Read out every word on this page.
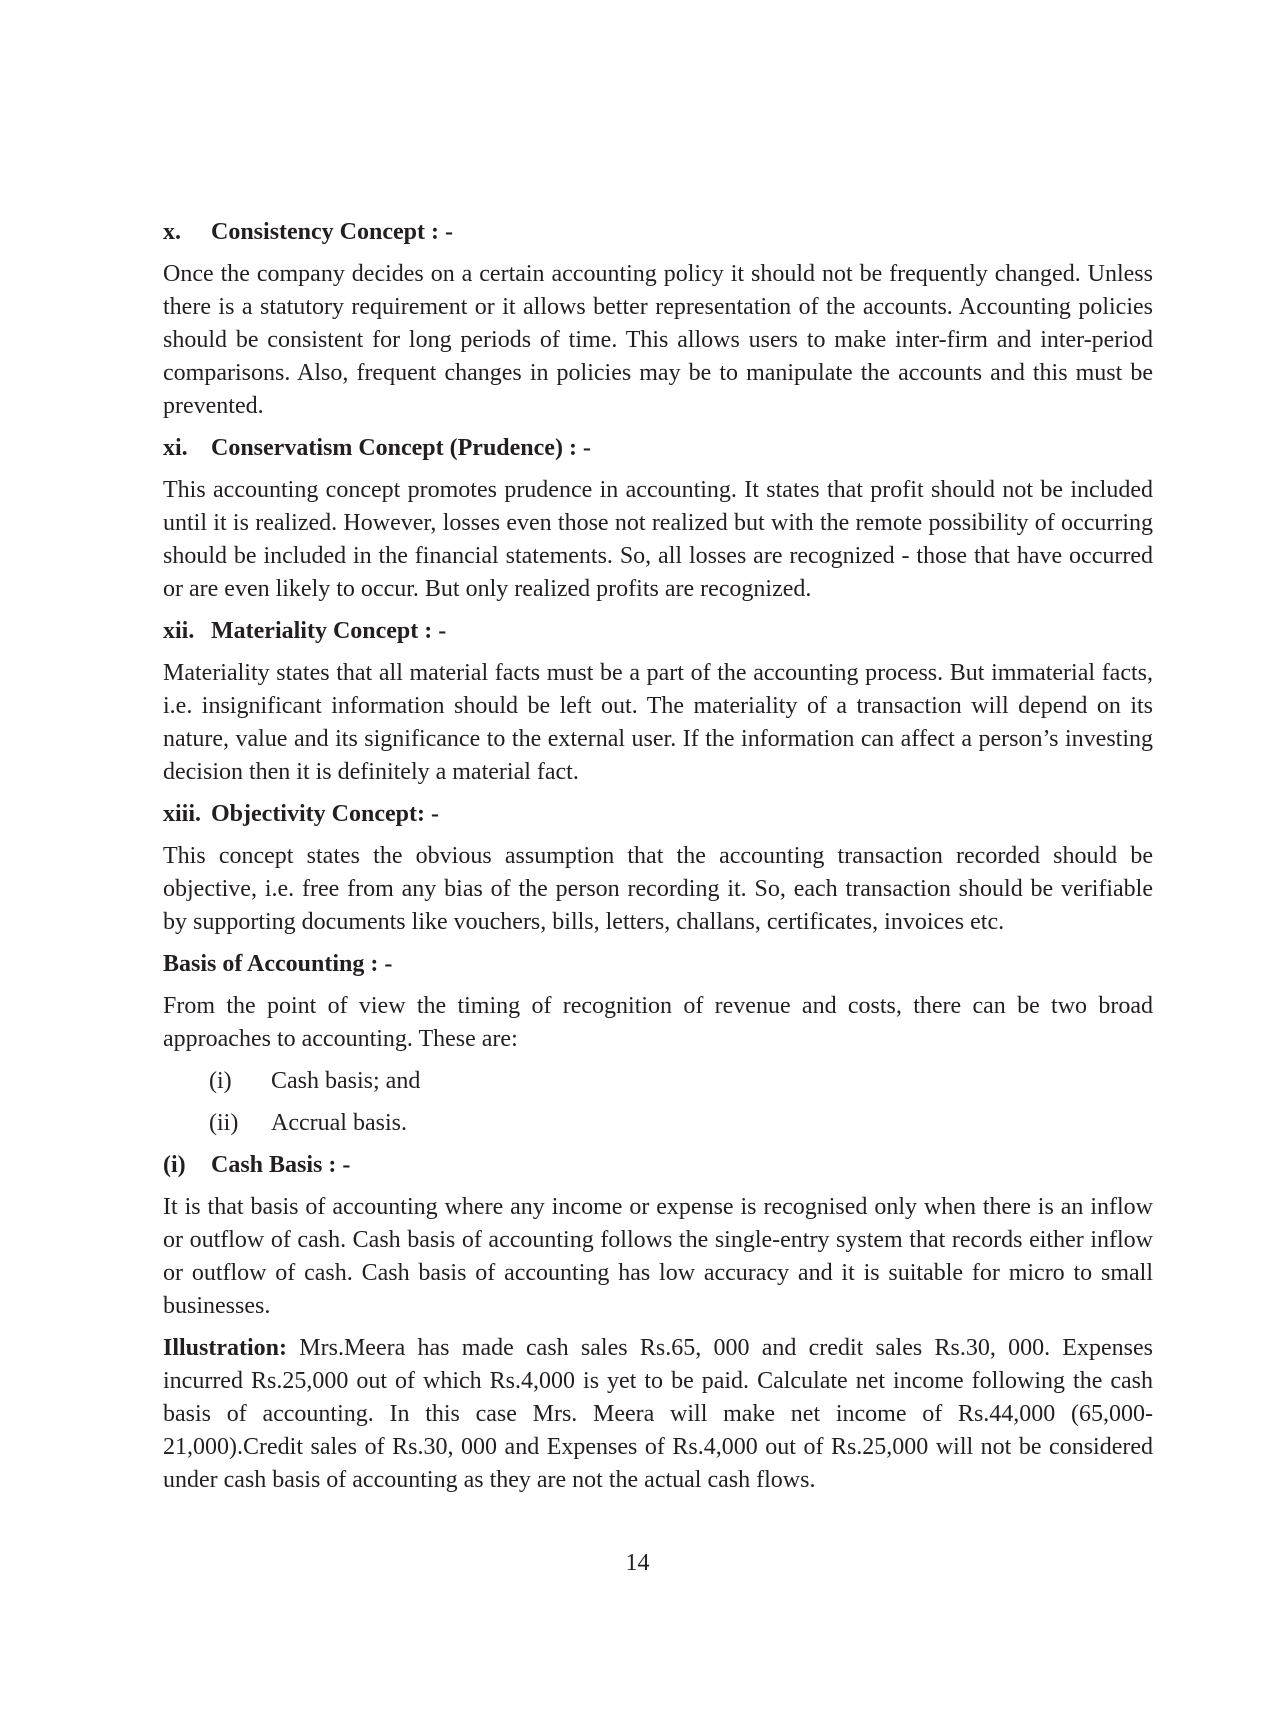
x. Consistency Concept : -

Once the company decides on a certain accounting policy it should not be frequently changed. Unless there is a statutory requirement or it allows better representation of the accounts. Accounting policies should be consistent for long periods of time. This allows users to make inter-firm and inter-period comparisons. Also, frequent changes in policies may be to manipulate the accounts and this must be prevented.

xi. Conservatism Concept (Prudence) : -

This accounting concept promotes prudence in accounting. It states that profit should not be included until it is realized. However, losses even those not realized but with the remote possibility of occurring should be included in the financial statements. So, all losses are recognized - those that have occurred or are even likely to occur. But only realized profits are recognized.

xii. Materiality Concept : -

Materiality states that all material facts must be a part of the accounting process. But immaterial facts, i.e. insignificant information should be left out. The materiality of a transaction will depend on its nature, value and its significance to the external user. If the information can affect a person’s investing decision then it is definitely a material fact.

xiii. Objectivity Concept: -

This concept states the obvious assumption that the accounting transaction recorded should be objective, i.e. free from any bias of the person recording it. So, each transaction should be verifiable by supporting documents like vouchers, bills, letters, challans, certificates, invoices etc.

Basis of Accounting : -

From the point of view the timing of recognition of revenue and costs, there can be two broad approaches to accounting. These are:

(i) Cash basis; and
(ii) Accrual basis.
(i) Cash Basis : -

It is that basis of accounting where any income or expense is recognised only when there is an inflow or outflow of cash. Cash basis of accounting follows the single-entry system that records either inflow or outflow of cash. Cash basis of accounting has low accuracy and it is suitable for micro to small businesses.

Illustration: Mrs.Meera has made cash sales Rs.65, 000 and credit sales Rs.30, 000. Expenses incurred Rs.25,000 out of which Rs.4,000 is yet to be paid. Calculate net income following the cash basis of accounting. In this case Mrs. Meera will make net income of Rs.44,000 (65,000-21,000).Credit sales of Rs.30, 000 and Expenses of Rs.4,000 out of Rs.25,000 will not be considered under cash basis of accounting as they are not the actual cash flows.

14
